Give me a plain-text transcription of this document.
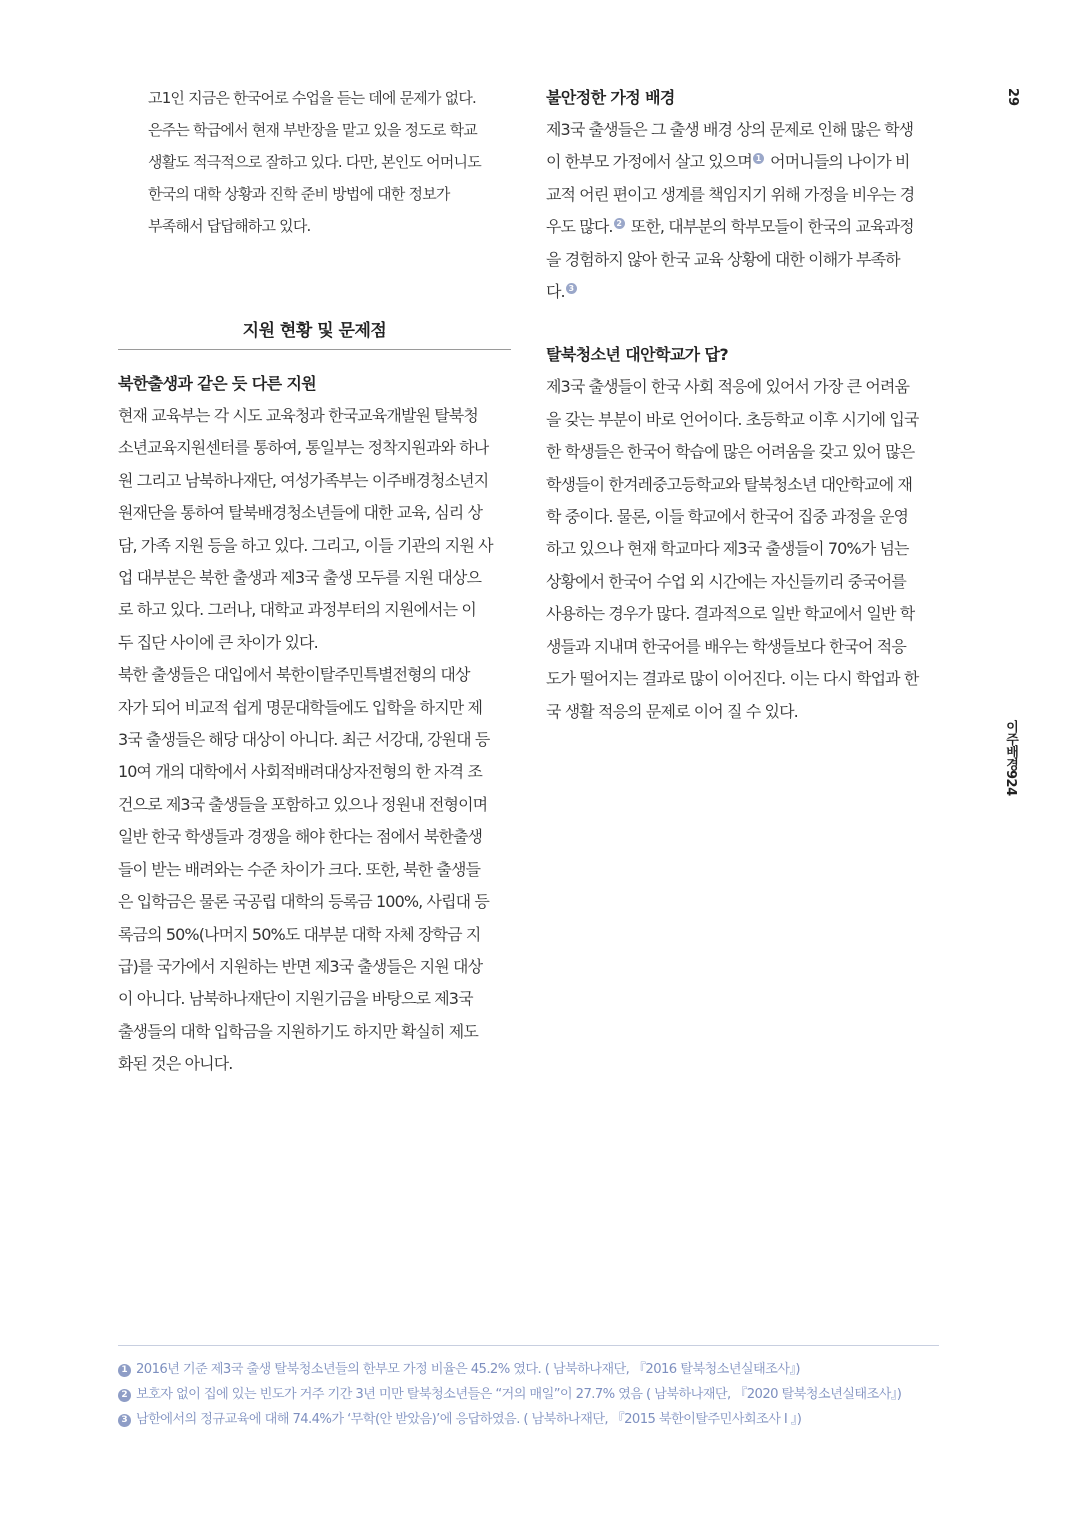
29
이주배경924
고1인 지금은 한국어로 수업을 듣는 데에 문제가 없다.
은주는 학급에서 현재 부반장을 맡고 있을 정도로 학교
생활도 적극적으로 잘하고 있다. 다만, 본인도 어머니도
한국의 대학 상황과 진학 준비 방법에 대한 정보가
부족해서 답답해하고 있다.
지원 현황 및 문제점
북한출생과 같은 듯 다른 지원
현재 교육부는 각 시도 교육청과 한국교육개발원 탈북청
소년교육지원센터를 통하여, 통일부는 정착지원과와 하나
원 그리고 남북하나재단, 여성가족부는 이주배경청소년지
원재단을 통하여 탈북배경청소년들에 대한 교육, 심리 상
담, 가족 지원 등을 하고 있다. 그리고, 이들 기관의 지원 사
업 대부분은 북한 출생과 제3국 출생 모두를 지원 대상으
로 하고 있다. 그러나, 대학교 과정부터의 지원에서는 이
두 집단 사이에 큰 차이가 있다.
북한 출생들은 대입에서 북한이탈주민특별전형의 대상
자가 되어 비교적 쉽게 명문대학들에도 입학을 하지만 제
3국 출생들은 해당 대상이 아니다. 최근 서강대, 강원대 등
10여 개의 대학에서 사회적배려대상자전형의 한 자격 조
건으로 제3국 출생들을 포함하고 있으나 정원내 전형이며
일반 한국 학생들과 경쟁을 해야 한다는 점에서 북한출생
들이 받는 배려와는 수준 차이가 크다. 또한, 북한 출생들
은 입학금은 물론 국공립 대학의 등록금 100%, 사립대 등
록금의 50%(나머지 50%도 대부분 대학 자체 장학금 지
급)를 국가에서 지원하는 반면 제3국 출생들은 지원 대상
이 아니다. 남북하나재단이 지원기금을 바탕으로 제3국
출생들의 대학 입학금을 지원하기도 하지만 확실히 제도
화된 것은 아니다.
불안정한 가정 배경
제3국 출생들은 그 출생 배경 상의 문제로 인해 많은 학생
이 한부모 가정에서 살고 있으며 1 어머니들의 나이가 비
교적 어린 편이고 생계를 책임지기 위해 가정을 비우는 경
우도 많다. 2 또한, 대부분의 학부모들이 한국의 교육과정
을 경험하지 않아 한국 교육 상황에 대한 이해가 부족하
다. 3
탈북청소년 대안학교가 답?
제3국 출생들이 한국 사회 적응에 있어서 가장 큰 어려움
을 갖는 부분이 바로 언어이다. 초등학교 이후 시기에 입국
한 학생들은 한국어 학습에 많은 어려움을 갖고 있어 많은
학생들이 한겨레중고등학교와 탈북청소년 대안학교에 재
학 중이다. 물론, 이들 학교에서 한국어 집중 과정을 운영
하고 있으나 현재 학교마다 제3국 출생들이 70%가 넘는
상황에서 한국어 수업 외 시간에는 자신들끼리 중국어를
사용하는 경우가 많다. 결과적으로 일반 학교에서 일반 학
생들과 지내며 한국어를 배우는 학생들보다 한국어 적응
도가 떨어지는 결과로 많이 이어진다. 이는 다시 학업과 한
국 생활 적응의 문제로 이어 질 수 있다.
1 2016년 기준 제3국 출생 탈북청소년들의 한부모 가정 비율은 45.2% 였다. ( 남북하나재단, 『2016 탈북청소년실태조사』)
2 보호자 없이 집에 있는 빈도가 거주 기간 3년 미만 탈북청소년들은 “거의 매일”이 27.7% 였음 ( 남북하나재단, 『2020 탈북청소년실태조사』)
3 남한에서의 정규교육에 대해 74.4%가 ‘무학(안 받았음)’에 응답하였음. ( 남북하나재단, 『2015 북한이탈주민사회조사 I 』)
